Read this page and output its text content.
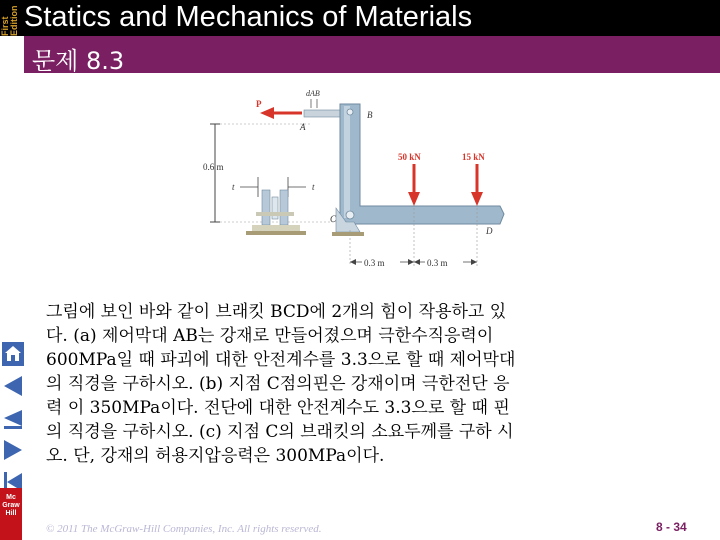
First Edition Statics and Mechanics of Materials
문제 8.3
Mc
Graw
Hill
0.6 m
t	t
P
dAB
A
B
C
D
50 kN	15 kN
0.3 m	0.3 m

그림에 보인 바와 같이 브래킷 BCD에 2개의 힘이 작용하고 있

다. (a) 제어막대 AB는 강재로 만들어졌으며 극한수직응력이

600MPa일 때 파괴에 대한 안전계수를 3.3으로 할 때 제어막대

의 직경을 구하시오. (b) 지점 C점의핀은 강재이며 극한전단 응

력 이 350MPa이다. 전단에 대한 안전계수도 3.3으로 할 때 핀

의 직경을 구하시오. (c) 지점 C의 브래킷의 소요두께를 구하 시

오. 단, 강재의 허용지압응력은 300MPa이다.

© 2011 The McGraw-Hill Companies, Inc. All rights reserved.	8 - 34
